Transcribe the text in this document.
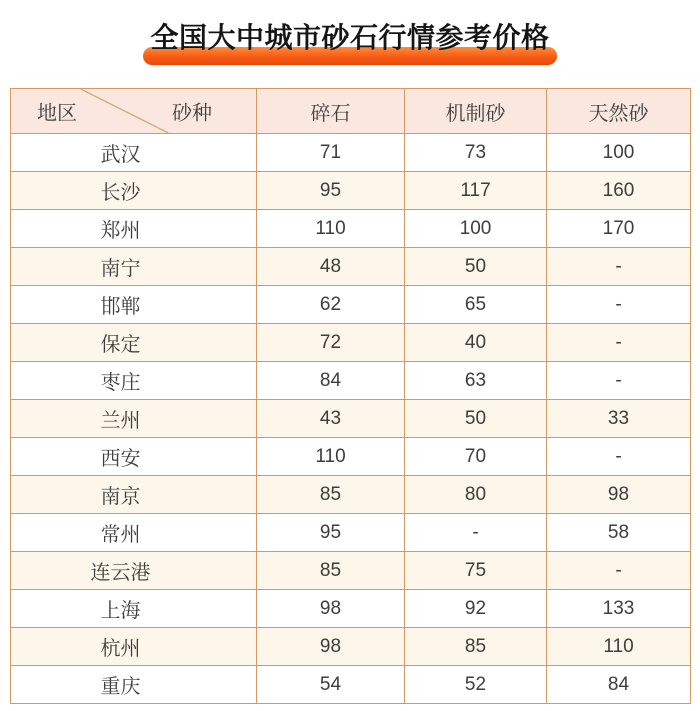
全国大中城市砂石行情参考价格
地区 砂种	碎石	机制砂	天然砂
武汉	71	73	100
长沙	95	117	160
郑州	110	100	170
南宁	48	50	-
邯郸	62	65	-
保定	72	40	-
枣庄	84	63	-
兰州	43	50	33
西安	110	70	-
南京	85	80	98
常州	95	-	58
连云港	85	75	-
上海	98	92	133
杭州	98	85	110
重庆	54	52	84
